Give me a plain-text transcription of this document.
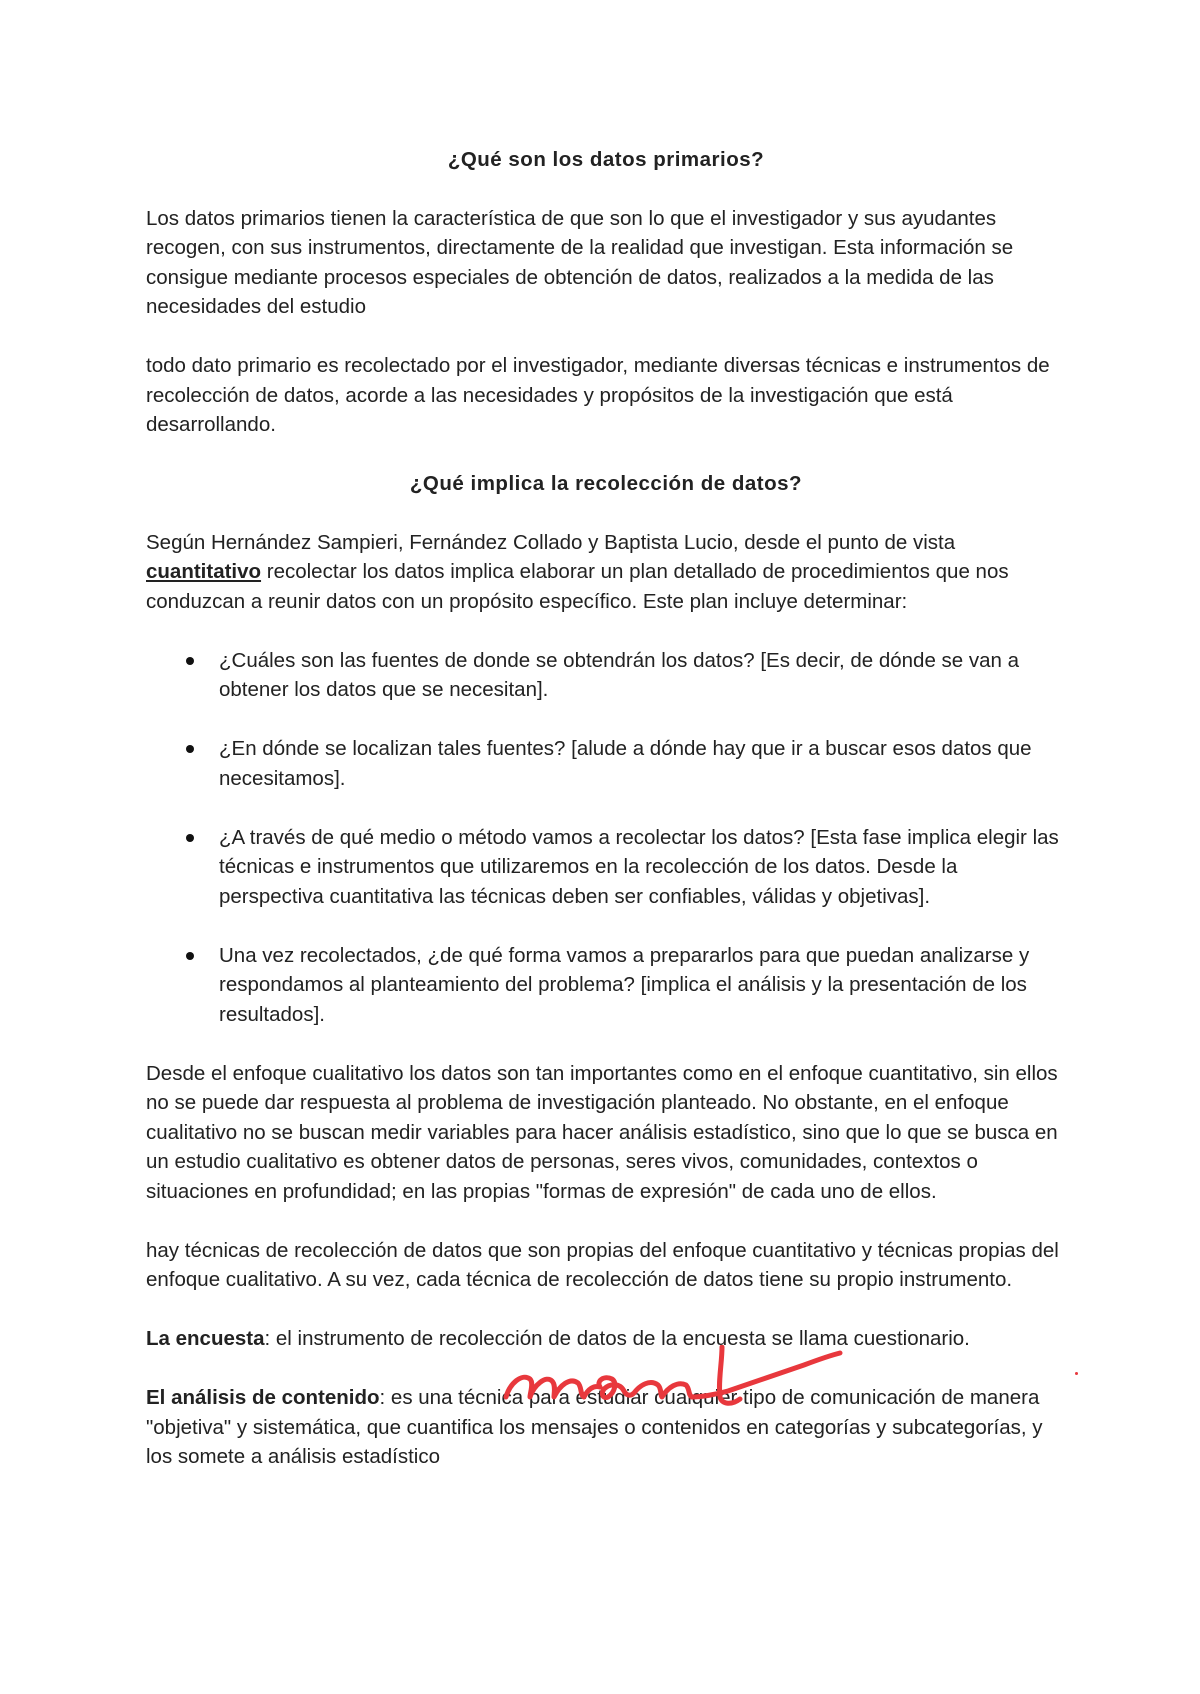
¿Qué son los datos primarios?

Los datos primarios tienen la característica de que son lo que el investigador y sus ayudantes recogen, con sus instrumentos, directamente de la realidad que investigan. Esta información se consigue mediante procesos especiales de obtención de datos, realizados a la medida de las necesidades del estudio

todo dato primario es recolectado por el investigador, mediante diversas técnicas e instrumentos de recolección de datos, acorde a las necesidades y propósitos de la investigación que está desarrollando.

¿Qué implica la recolección de datos?

Según Hernández Sampieri, Fernández Collado y Baptista Lucio, desde el punto de vista cuantitativo recolectar los datos implica elaborar un plan detallado de procedimientos que nos conduzcan a reunir datos con un propósito específico. Este plan incluye determinar:

¿Cuáles son las fuentes de donde se obtendrán los datos? [Es decir, de dónde se van a obtener los datos que se necesitan].
¿En dónde se localizan tales fuentes? [alude a dónde hay que ir a buscar esos datos que necesitamos].
¿A través de qué medio o método vamos a recolectar los datos? [Esta fase implica elegir las técnicas e instrumentos que utilizaremos en la recolección de los datos. Desde la perspectiva cuantitativa las técnicas deben ser confiables, válidas y objetivas].
Una vez recolectados, ¿de qué forma vamos a prepararlos para que puedan analizarse y respondamos al planteamiento del problema? [implica el análisis y la presentación de los resultados].

Desde el enfoque cualitativo los datos son tan importantes como en el enfoque cuantitativo, sin ellos no se puede dar respuesta al problema de investigación planteado. No obstante, en el enfoque cualitativo no se buscan medir variables para hacer análisis estadístico, sino que lo que se busca en un estudio cualitativo es obtener datos de personas, seres vivos, comunidades, contextos o situaciones en profundidad; en las propias "formas de expresión" de cada uno de ellos.

hay técnicas de recolección de datos que son propias del enfoque cuantitativo y técnicas propias del enfoque cualitativo. A su vez, cada técnica de recolección de datos tiene su propio instrumento.

La encuesta: el instrumento de recolección de datos de la encuesta se llama cuestionario.

El análisis de contenido: es una técnica para estudiar cualquier tipo de comunicación de manera "objetiva" y sistemática, que cuantifica los mensajes o contenidos en categorías y subcategorías, y los somete a análisis estadístico
